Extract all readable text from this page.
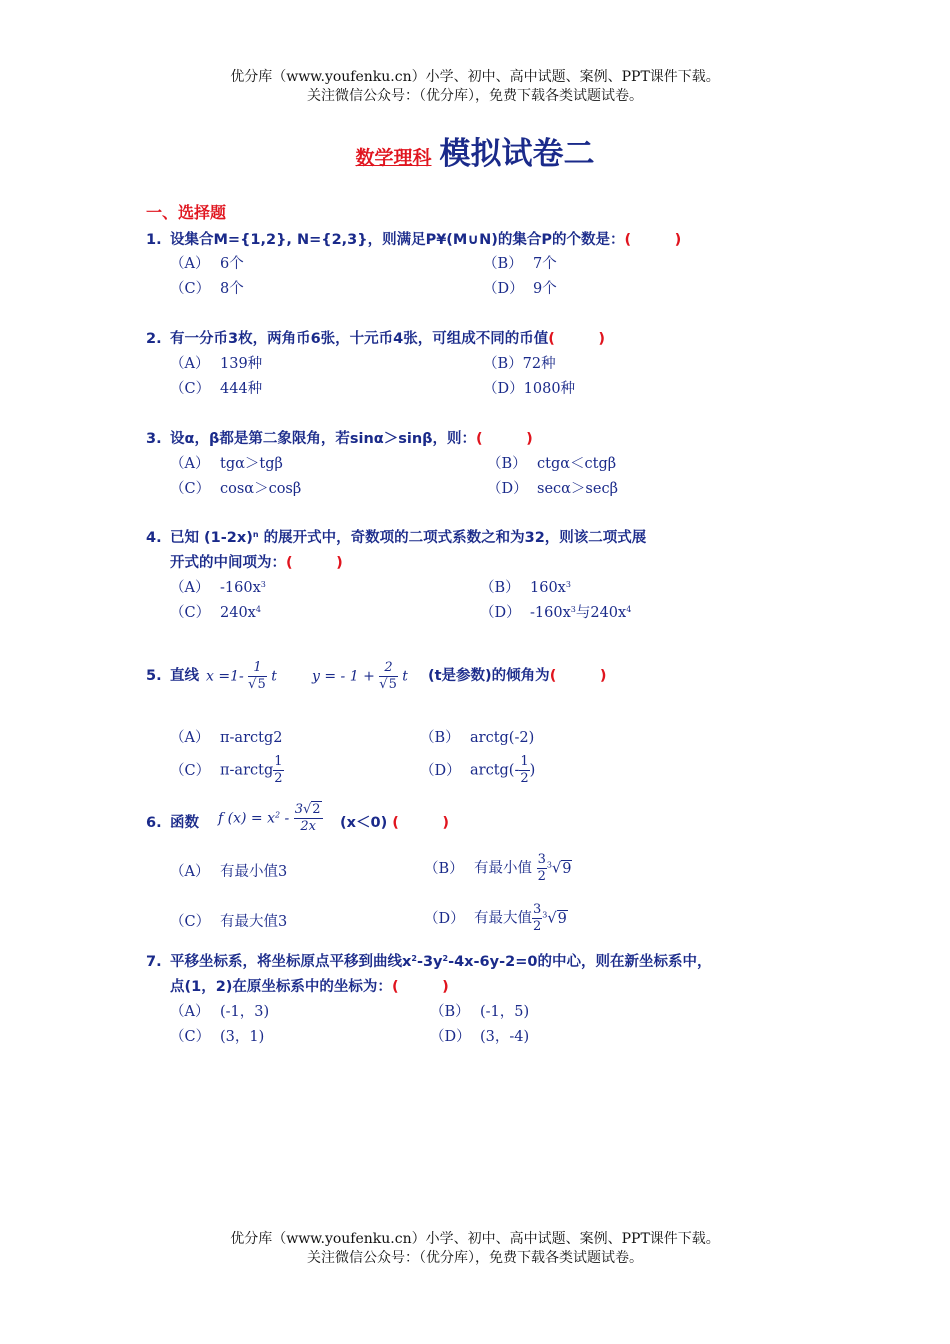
优分库（www.youfenku.cn）小学、初中、高中试题、案例、PPT课件下载。
关注微信公众号：（优分库），免费下载各类试题试卷。
数学理科 模拟试卷二
一、选择题
1. 设集合M={1,2}, N={2,3}，则满足P¥(M∪N)的集合P的个数是：(　　　)
（A） 6个	（B） 7个
（C） 8个	（D） 9个
2. 有一分币3枚，两角币6张，十元币4张，可组成不同的币值(　　　)
（A） 139种	（B）72种
（C） 444种	（D）1080种
3. 设α，β都是第二象限角，若sinα＞sinβ，则：(　　　)
（A） tgα＞tgβ	（B） ctgα＜ctgβ
（C） cosα＞cosβ	（D） secα＞secβ
4. 已知 $(1-2x)^n$ 的展开式中，奇数项的二项式系数之和为32，则该二项式展
开式的中间项为：(　　　)
（A） $-160x^3$	（B） $160x^3$
（C） $240x^4$	（D） $-160x^3$与$240x^4$
5. 直线 $x =1- \frac{1}{√5}$ t	y = - $1 + \frac{2}{√5}$ t (t是参数)的倾角为(　　　)
（A） π-arctg2	（B） arctg(-2)
（C） π-arctg $\frac{1}{2}$	（D） arctg(- $\frac{1}{2}$ )
6. 函数 f $(x) = x^2 - \frac{3√2}{2x} (x<0)$ (　　　)
（A） 有最小值3	（B） 有最小值 $\frac{3}{2} ^3√9$
（C） 有最大值3	（D） 有最大值 $\frac{3}{2} ^3√9$
7. 平移坐标系，将坐标原点平移到曲线$x^2-3y^2-4x-6y-2=0$的中心，则在新坐标系中，
点(1，2)在原坐标系中的坐标为：(　　　)
（A） (-1，3)	（B） (-1，5)
（C） (3，1)	（D） (3，-4)
优分库（www.youfenku.cn）小学、初中、高中试题、案例、PPT课件下载。
关注微信公众号：（优分库），免费下载各类试题试卷。
